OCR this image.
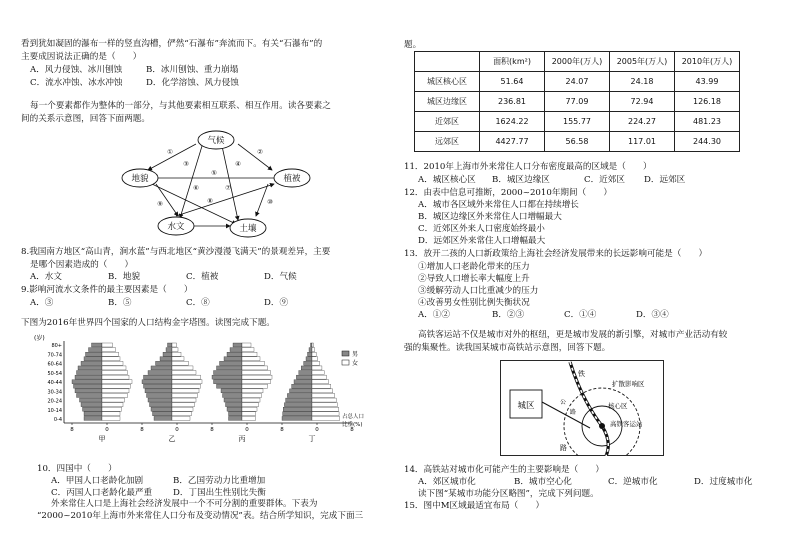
看到犹如凝固的瀑布一样的竖直沟槽，俨然“石瀑布”奔流而下。有关“石瀑布”的

主要成因说法正确的是（　　）

A．风力侵蚀、冰川刨蚀	B．冰川刨蚀、重力崩塌
C．流水冲蚀、冰水冲蚀	D．化学溶蚀、风力侵蚀

每一个要素都作为整体的一部分，与其他要素相互联系、相互作用。读各要素之

间的关系示意图，回答下面两题。

气候
地貌	植被
水文	土壤
①	②
③	④
⑤
⑥	⑦
⑧
⑨	⑩

8.我国南方地区“高山青，涧水蓝”与西北地区“黄沙漫漫飞满天”的景观差异，主要

是哪个因素造成的（　　）

A．水文	B．地貌	C．植被	D．气候

9.影响河流水文条件的最主要因素是（　　）

A．③	B．⑤	C．⑧	D．⑨

下图为2016年世界四个国家的人口结构金字塔图。读图完成下题。

(岁)
80+
70-74
60-64
50-54
40-44
30-34
20-24
10-14
0-4
8	0	8	0	8	0	8	0	8
甲	乙	丙	丁
男
女
占总人口
比重(%)

10．四国中（　　）

A．甲国人口老龄化加剧	B．乙国劳动力比重增加
C．丙国人口老龄化最严重	D．丁国出生性别比失衡

外来常住人口是上海社会经济发展中一个不可分割的重要群体。下表为

“2000~2010年上海市外来常住人口分布及变动情况”表。结合所学知识，完成下面三

题。

	面积(km²)	2000年(万人)	2005年(万人)	2010年(万人)
城区核心区	51.64	24.07	24.18	43.99
城区边缘区	236.81	77.09	72.94	126.18
近郊区	1624.22	155.77	224.27	481.23
远郊区	4427.77	56.58	117.01	244.30

11．2010年上海市外来常住人口分布密度最高的区域是（　　）

A．城区核心区	B．城区边缘区	C．近郊区	D．远郊区

12．由表中信息可推断，2000~2010年期间（　　）

A．城市各区域外来常住人口都在持续增长

B．城区边缘区外来常住人口增幅最大

C．近郊区外来人口密度始终最小

D．远郊区外来常住人口增幅最大

13．放开二孩的人口新政策给上海社会经济发展带来的长远影响可能是（　　）

①增加人口老龄化带来的压力

②导致人口增长率大幅度上升

③缓解劳动人口比重减少的压力

④改善男女性别比例失衡状况

A．①②	B．②③	C．①④	D．③④

高铁客运站不仅是城市对外的枢纽，更是城市发展的新引擎，对城市产业活动有较

强的集聚性。读我国某城市高铁站示意图，回答下题。

城区	公
路
铁
路
核心区
扩散影响区
高铁客运站

14．高铁站对城市化可能产生的主要影响是（　　）

A．郊区城市化	B．城市空心化	C．逆城市化	D．过度城市化

读下图“某城市功能分区略图”，完成下列问题。

15．图中M区域最适宜布局（　　）
